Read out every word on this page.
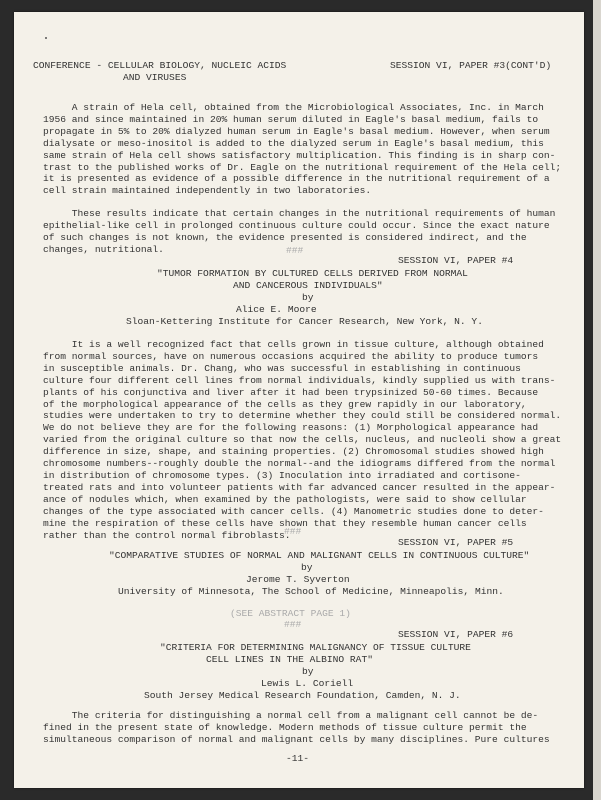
CONFERENCE - CELLULAR BIOLOGY, NUCLEIC ACIDS
AND VIRUSES
SESSION VI, PAPER #3(CONT'D)
A strain of Hela cell, obtained from the Microbiological Associates, Inc. in March
1956 and since maintained in 20% human serum diluted in Eagle's basal medium, fails to
propagate in 5% to 20% dialyzed human serum in Eagle's basal medium. However, when serum
dialysate or meso-inositol is added to the dialyzed serum in Eagle's basal medium, this
same strain of Hela cell shows satisfactory multiplication. This finding is in sharp con-
trast to the published works of Dr. Eagle on the nutritional requirement of the Hela cell;
it is presented as evidence of a possible difference in the nutritional requirement of a
cell strain maintained independently in two laboratories.
These results indicate that certain changes in the nutritional requirements of human
epithelial-like cell in prolonged continuous culture could occur. Since the exact nature
of such changes is not known, the evidence presented is considered indirect, and the
changes, nutritional.	###
SESSION VI, PAPER #4
"TUMOR FORMATION BY CULTURED CELLS DERIVED FROM NORMAL
AND CANCEROUS INDIVIDUALS"
by
Alice E. Moore
Sloan-Kettering Institute for Cancer Research, New York, N. Y.
It is a well recognized fact that cells grown in tissue culture, although obtained
from normal sources, have on numerous occasions acquired the ability to produce tumors
in susceptible animals. Dr. Chang, who was successful in establishing in continuous
culture four different cell lines from normal individuals, kindly supplied us with trans-
plants of his conjunctiva and liver after it had been trypsinized 50-60 times. Because
of the morphological appearance of the cells as they grew rapidly in our laboratory,
studies were undertaken to try to determine whether they could still be considered normal.
We do not believe they are for the following reasons: (1) Morphological appearance had
varied from the original culture so that now the cells, nucleus, and nucleoli show a great
difference in size, shape, and staining properties. (2) Chromosomal studies showed high
chromosome numbers--roughly double the normal--and the idiograms differed from the normal
in distribution of chromosome types. (3) Inoculation into irradiated and cortisone-
treated rats and into volunteer patients with far advanced cancer resulted in the appear-
ance of nodules which, when examined by the pathologists, were said to show cellular
changes of the type associated with cancer cells. (4) Manometric studies done to deter-
mine the respiration of these cells have shown that they resemble human cancer cells
rather than the control normal fibroblasts.
###
SESSION VI, PAPER #5
"COMPARATIVE STUDIES OF NORMAL AND MALIGNANT CELLS IN CONTINUOUS CULTURE"
by
Jerome T. Syverton
University of Minnesota, The School of Medicine, Minneapolis, Minn.
(SEE ABSTRACT PAGE 1)
###
SESSION VI, PAPER #6
"CRITERIA FOR DETERMINING MALIGNANCY OF TISSUE CULTURE
CELL LINES IN THE ALBINO RAT"
by
Lewis L. Coriell
South Jersey Medical Research Foundation, Camden, N. J.
The criteria for distinguishing a normal cell from a malignant cell cannot be de-
fined in the present state of knowledge. Modern methods of tissue culture permit the
simultaneous comparison of normal and malignant cells by many disciplines. Pure cultures
-11-
